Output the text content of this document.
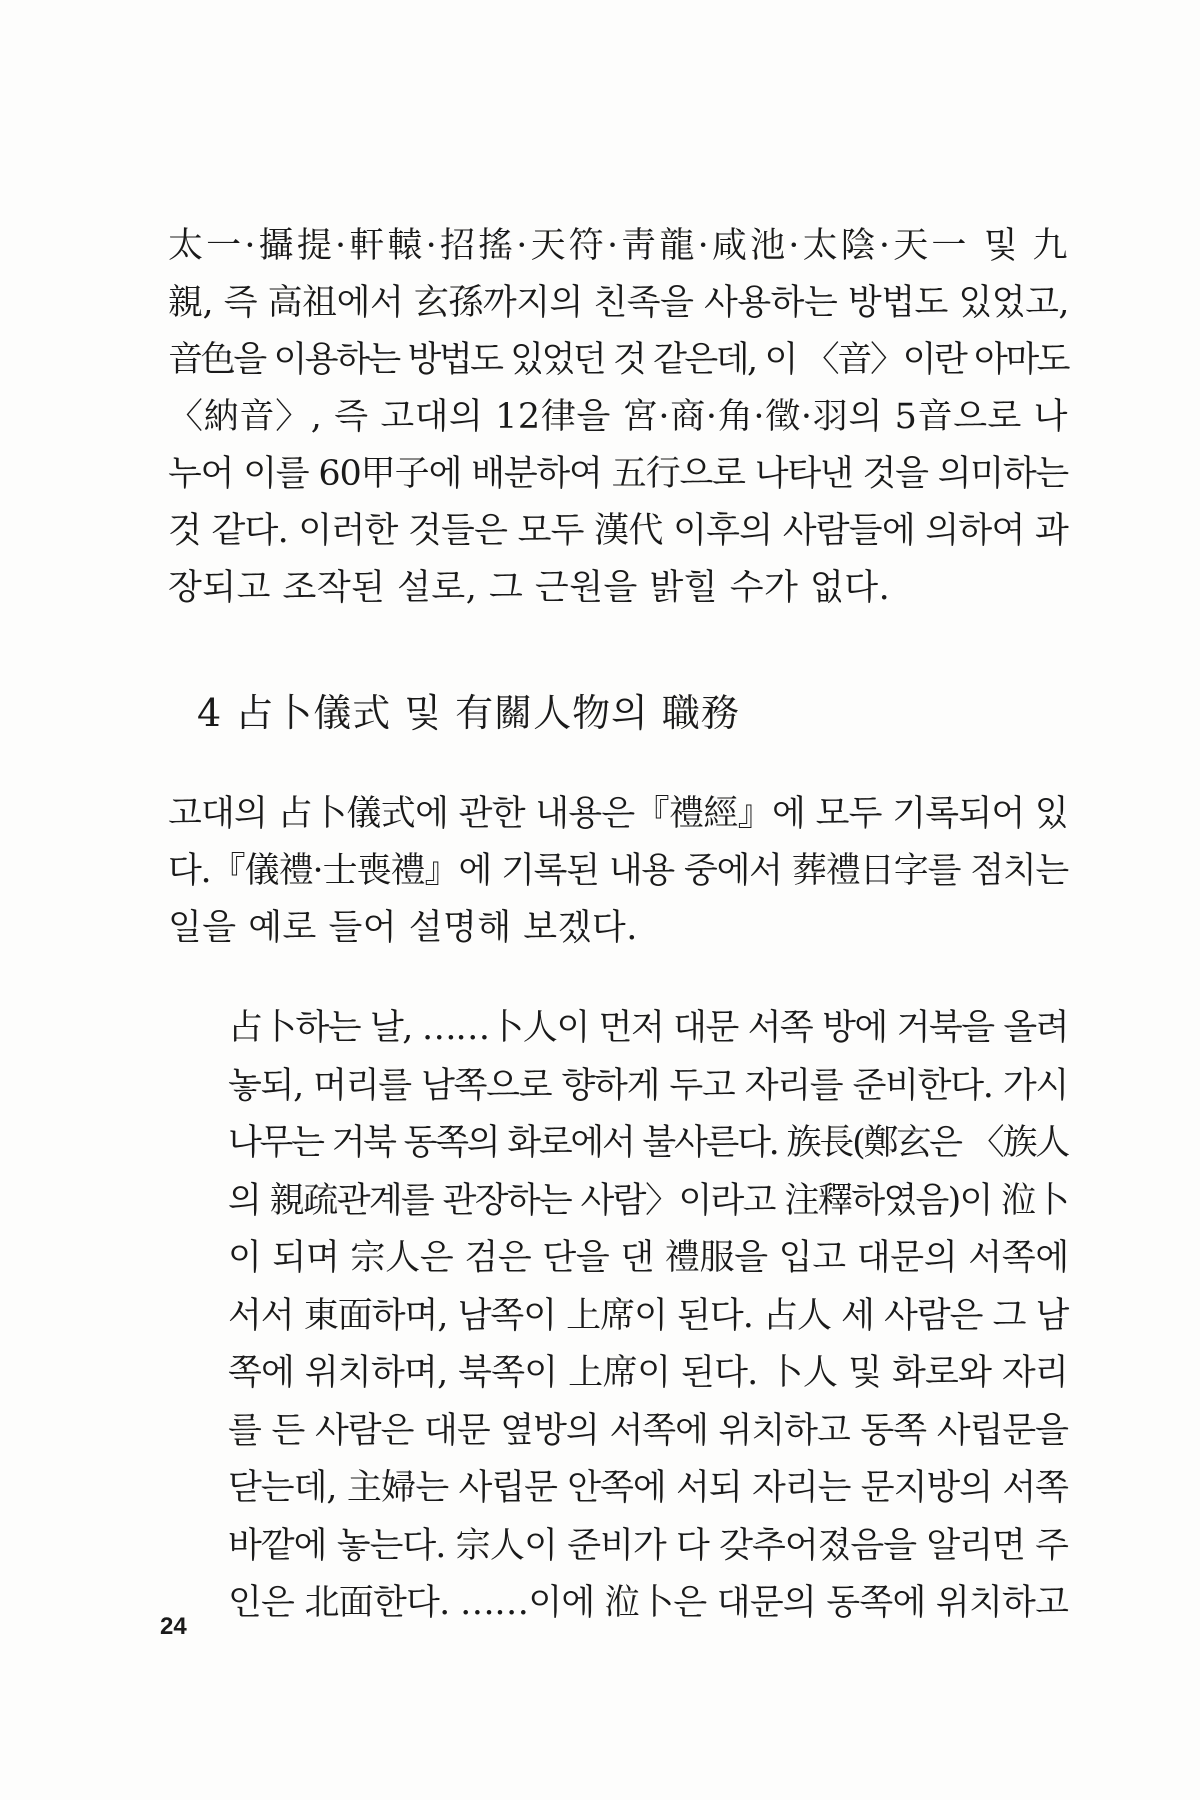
太一·攝提·軒轅·招搖·天符·靑龍·咸池·太陰·天一 및 九
親, 즉 高祖에서 玄孫까지의 친족을 사용하는 방법도 있었고,
音色을 이용하는 방법도 있었던 것 같은데, 이 〈音〉이란 아마도
〈納音〉, 즉 고대의 12律을 宮·商·角·徵·羽의 5音으로 나
누어 이를 60甲子에 배분하여 五行으로 나타낸 것을 의미하는
것 같다. 이러한 것들은 모두 漢代 이후의 사람들에 의하여 과
장되고 조작된 설로, 그 근원을 밝힐 수가 없다.
4 占卜儀式 및 有關人物의 職務
고대의 占卜儀式에 관한 내용은『禮經』에 모두 기록되어 있
다.『儀禮·士喪禮』에 기록된 내용 중에서 葬禮日字를 점치는
일을 예로 들어 설명해 보겠다.
占卜하는 날, ……卜人이 먼저 대문 서쪽 방에 거북을 올려
놓되, 머리를 남쪽으로 향하게 두고 자리를 준비한다. 가시
나무는 거북 동쪽의 화로에서 불사른다. 族長(鄭玄은 〈族人
의 親疏관계를 관장하는 사람〉이라고 注釋하였음)이 涖卜
이 되며 宗人은 검은 단을 댄 禮服을 입고 대문의 서쪽에
서서 東面하며, 남쪽이 上席이 된다. 占人 세 사람은 그 남
쪽에 위치하며, 북쪽이 上席이 된다. 卜人 및 화로와 자리
를 든 사람은 대문 옆방의 서쪽에 위치하고 동쪽 사립문을
닫는데, 主婦는 사립문 안쪽에 서되 자리는 문지방의 서쪽
바깥에 놓는다. 宗人이 준비가 다 갖추어졌음을 알리면 주
인은 北面한다. ……이에 涖卜은 대문의 동쪽에 위치하고
24
